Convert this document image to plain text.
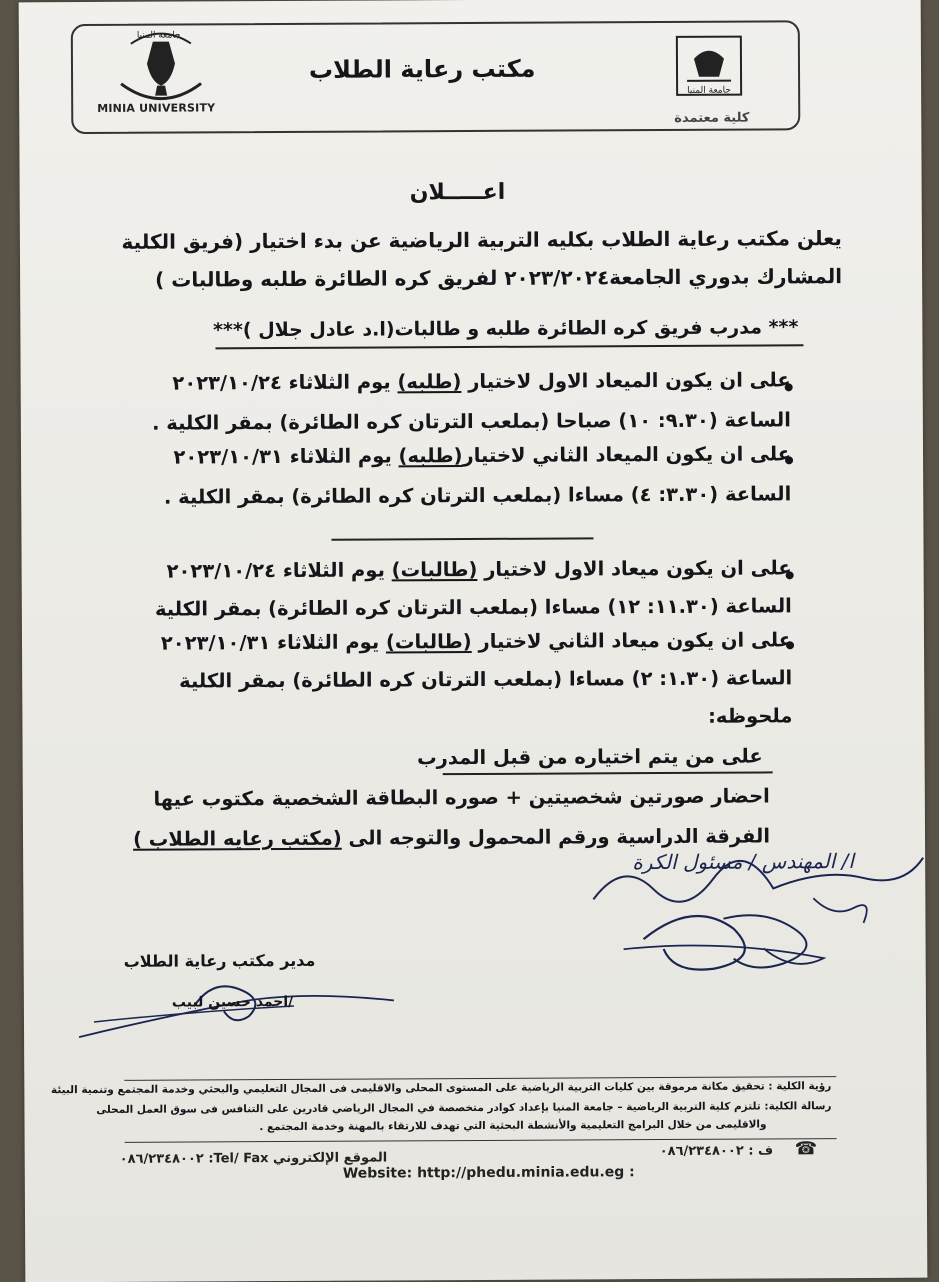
جامعة المنيا
MINIA UNIVERSITY
مكتب رعاية الطلاب
جامعة المنيا
كلية معتمدة
اعـــــلان
يعلن مكتب رعاية الطلاب بكليه التربية الرياضية عن بدء اختيار (فريق الكلية
المشارك بدوري الجامعة٢٠٢٣/٢٠٢٤ لفريق كره الطائرة طلبه وطالبات )
*** مدرب فريق كره الطائرة طلبه و طالبات(ا.د عادل جلال )***
على ان يكون الميعاد الاول لاختيار (طلبه) يوم الثلاثاء ٢٠٢٣/١٠/٢٤
الساعة (٩.٣٠: ١٠) صباحا (بملعب الترتان كره الطائرة) بمقر الكلية .
على ان يكون الميعاد الثاني لاختيار(طلبه) يوم الثلاثاء ٢٠٢٣/١٠/٣١
الساعة (٣.٣٠: ٤) مساءا (بملعب الترتان كره الطائرة) بمقر الكلية .
على ان يكون ميعاد الاول لاختيار (طالبات) يوم الثلاثاء ٢٠٢٣/١٠/٢٤
الساعة (١١.٣٠: ١٢) مساءا (بملعب الترتان كره الطائرة) بمقر الكلية
على ان يكون ميعاد الثاني لاختيار (طالبات) يوم الثلاثاء ٢٠٢٣/١٠/٣١
الساعة (١.٣٠: ٢) مساءا (بملعب الترتان كره الطائرة) بمقر الكلية
ملحوظه:
على من يتم اختياره من قبل المدرب
احضار صورتين شخصيتين + صوره البطاقة الشخصية مكتوب عيها
الفرقة الدراسية ورقم المحمول والتوجه الى (مكتب رعايه الطلاب )
ا/ المهندس / مسئول الكرة
مدير مكتب رعاية الطلاب
/احمد حسين لبيب
رؤية الكلية : تحقيق مكانة مرموقة بين كليات التربية الرياضية على المستوى المحلى والاقليمى فى المجال التعليمي والبحثي وخدمة المجتمع وتنمية البيئة
رسالة الكلية: تلتزم كلية التربية الرياضية – جامعة المنيا بإعداد كوادر متخصصة في المجال الرياضي قادرين على التنافس فى سوق العمل المحلى
والاقليمى من خلال البرامج التعليمية والأنشطة البحثية التي تهدف للارتقاء بالمهنة وخدمة المجتمع .
ف : ٠٨٦/٢٣٤٨٠٠٢ ☎
الموقع الإلكتروني Tel/ Fax: ٠٨٦/٢٣٤٨٠٠٢
Website: http://phedu.minia.edu.eg :
